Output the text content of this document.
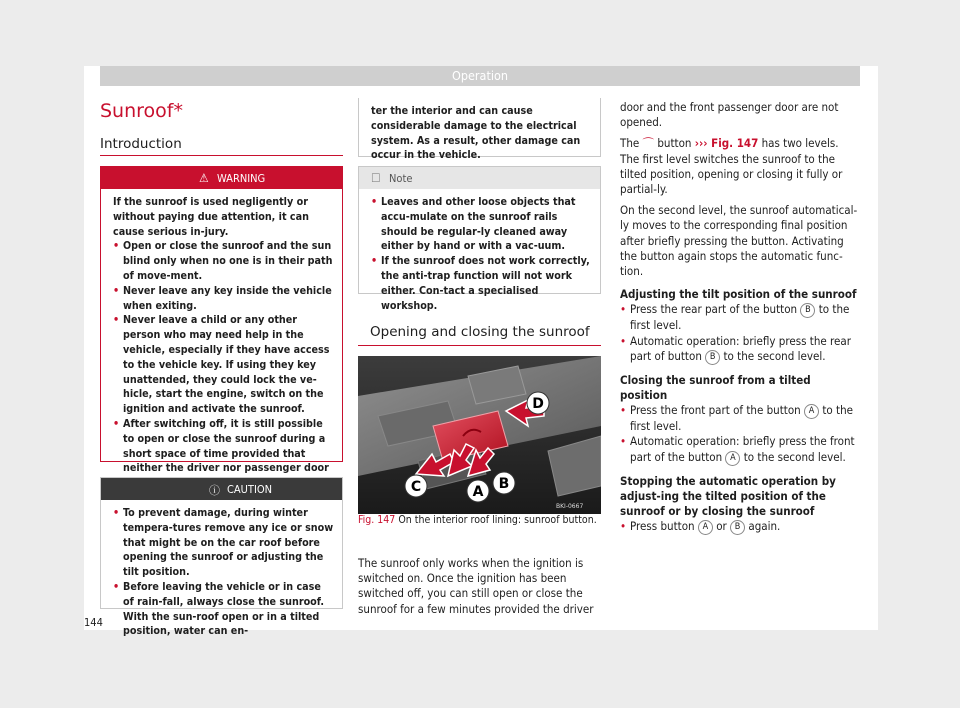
Operation
Sunroof*
Introduction
⚠ WARNING

If the sunroof is used negligently or without paying due attention, it can cause serious in-jury.

• Open or close the sunroof and the sun blind only when no one is in their path of move-ment.
• Never leave any key inside the vehicle when exiting.
• Never leave a child or any other person who may need help in the vehicle, especially if they have access to the vehicle key. If using they key unattended, they could lock the ve-hicle, start the engine, switch on the ignition and activate the sunroof.
• After switching off, it is still possible to open or close the sunroof during a short space of time provided that neither the driver nor passenger door
ⓘ CAUTION
• To prevent damage, during winter tempera-tures remove any ice or snow that might be on the car roof before opening the sunroof or adjusting the tilt position.
• Before leaving the vehicle or in case of rain-fall, always close the sunroof. With the sun-roof open or in a tilted position, water can en-
ter the interior and can cause considerable damage to the electrical system. As a result, other damage can occur in the vehicle.
☐ Note
• Leaves and other loose objects that accu-mulate on the sunroof rails should be regular-ly cleaned away either by hand or with a vac-uum.
• If the sunroof does not work correctly, the anti-trap function will not work either. Con-tact a specialised workshop.
Opening and closing the sunroof
D
C	A B
BKI-0667
Fig. 147 On the interior roof lining: sunroof button.
The sunroof only works when the ignition is switched on. Once the ignition has been switched off, you can still open or close the sunroof for a few minutes provided the driver

door and the front passenger door are not opened.

The ⌒ button ››› Fig. 147 has two levels. The first level switches the sunroof to the tilted position, opening or closing it fully or partial-ly.

On the second level, the sunroof automatical-ly moves to the corresponding final position after briefly pressing the button. Activating the button again stops the automatic func-tion.

Adjusting the tilt position of the sunroof

• Press the rear part of the button B to the first level.

• Automatic operation: briefly press the rear part of button B to the second level.

Closing the sunroof from a tilted position

• Press the front part of the button A to the first level.

• Automatic operation: briefly press the front part of the button A to the second level.

Stopping the automatic operation by adjust-ing the tilted position of the sunroof or by closing the sunroof

• Press button A or B again.

144
